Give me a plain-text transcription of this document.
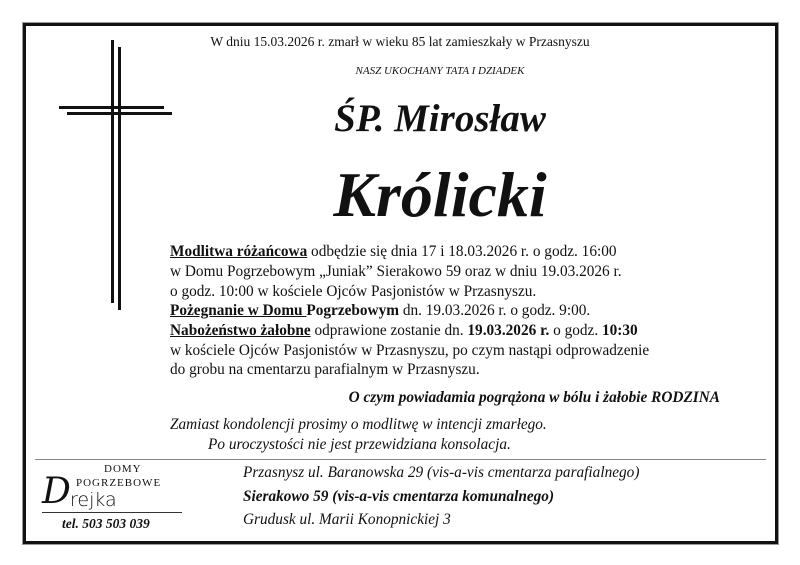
W dniu 15.03.2026 r. zmarł w wieku 85 lat zamieszkały w Przasnyszu
NASZ UKOCHANY TATA I DZIADEK
ŚP. Mirosław
Królicki
Modlitwa różańcowa odbędzie się dnia 17 i 18.03.2026 r. o godz. 16:00
w Domu Pogrzebowym „Juniak” Sierakowo 59 oraz w dniu 19.03.2026 r.
o godz. 10:00 w kościele Ojców Pasjonistów w Przasnyszu.
Pożegnanie w Domu Pogrzebowym dn. 19.03.2026 r. o godz. 9:00.
Nabożeństwo żałobne odprawione zostanie dn. 19.03.2026 r. o godz. 10:30
w kościele Ojców Pasjonistów w Przasnyszu, po czym nastąpi odprowadzenie
do grobu na cmentarzu parafialnym w Przasnyszu.
O czym powiadamia pogrążona w bólu i żałobie RODZINA
Zamiast kondolencji prosimy o modlitwę w intencji zmarłego.
Po uroczystości nie jest przewidziana konsolacja.
DOMY
POGRZEBOWE
D rejka
tel. 503 503 039
Przasnysz ul. Baranowska 29 (vis-a-vis cmentarza parafialnego)
Sierakowo 59 (vis-a-vis cmentarza komunalnego)
Grudusk ul. Marii Konopnickiej 3
